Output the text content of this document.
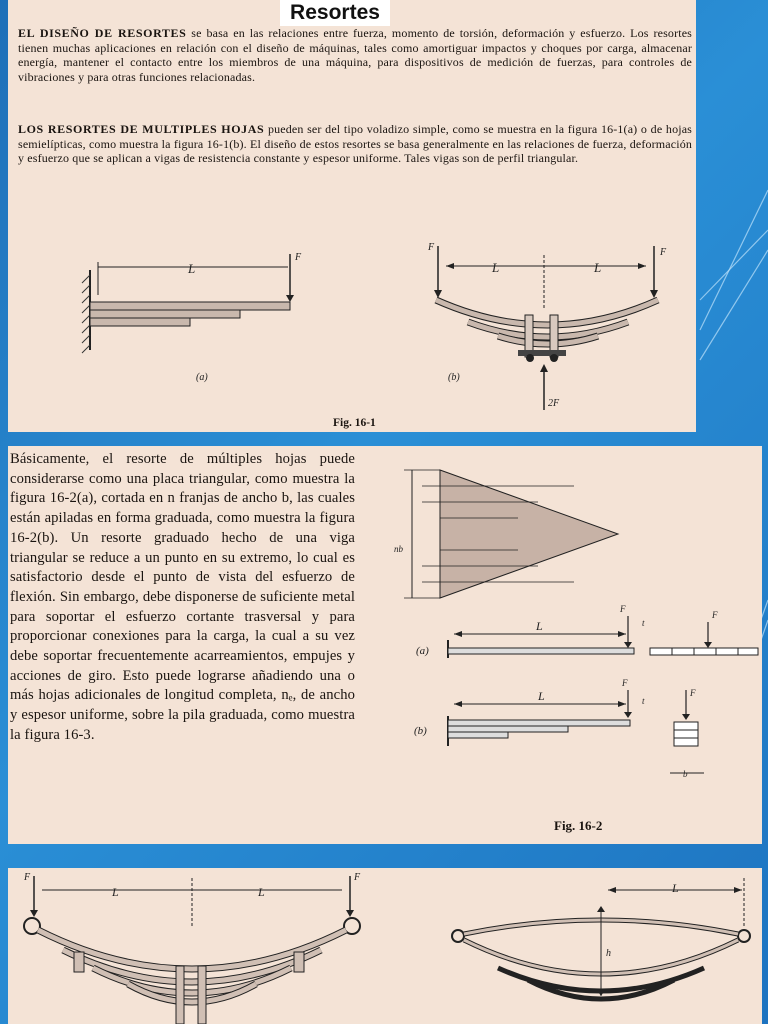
Resortes
EL DISEÑO DE RESORTES se basa en las relaciones entre fuerza, momento de torsión, deformación y esfuerzo. Los resortes tienen muchas aplicaciones en relación con el diseño de máquinas, tales como amortiguar impactos y choques por carga, almacenar energía, mantener el contacto entre los miembros de una máquina, para dispositivos de medición de fuerzas, para controles de vibraciones y para otras funciones relacionadas.
LOS RESORTES DE MULTIPLES HOJAS pueden ser del tipo voladizo simple, como se muestra en la figura 16-1(a) o de hojas semielípticas, como muestra la figura 16-1(b). El diseño de estos resortes se basa generalmente en las relaciones de fuerza, deformación y esfuerzo que se aplican a vigas de resistencia constante y espesor uniforme. Tales vigas son de perfil triangular.
L
F
(a)
L	L
F	F
2F
(b)
Fig. 16-1
Básicamente, el resorte de múltiples hojas puede considerarse como una placa triangular, como muestra la figura 16-2(a), cortada en n franjas de ancho b, las cuales están apiladas en forma graduada, como muestra la figura 16-2(b). Un resorte graduado hecho de una viga triangular se reduce a un punto en su extremo, lo cual es satisfactorio desde el punto de vista del esfuerzo de flexión. Sin embargo, debe disponerse de suficiente metal para soportar el esfuerzo cortante trasversal y para proporcionar conexiones para la carga, la cual a su vez debe soportar frecuentemente acarreamientos, empujes y acciones de giro. Esto puede lograrse añadiendo una o más hojas adicionales de longitud completa, nₑ, de ancho y espesor uniforme, sobre la pila graduada, como muestra la figura 16-3.
nb
L
F
F
t
(a)
L
F
F
t
b
(b)
Fig. 16-2
F	F
L	L	L
h
